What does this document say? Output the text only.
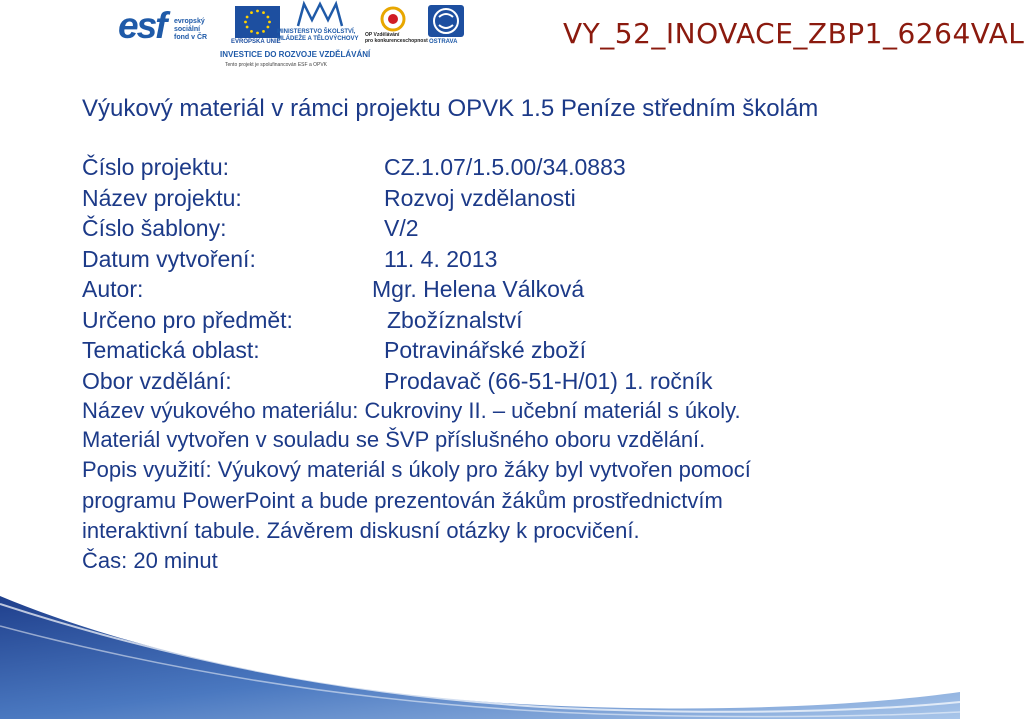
esf evropský
sociální
fond v ČR
EVROPSKÁ UNIE
MINISTERSTVO ŠKOLSTVÍ,
MLÁDEŽE A TĚLOVÝCHOVY
OP Vzdělávání
pro konkurenceschopnost OSTRAVA
INVESTICE DO ROZVOJE VZDĚLÁVÁNÍ
Tento projekt je spolufinancován ESF a OPVK
VY_52_INOVACE_ZBP1_6264VAL
Výukový materiál v rámci projektu OPVK 1.5 Peníze středním školám
Číslo projektu:	CZ.1.07/1.5.00/34.0883
Název projektu:	Rozvoj vzdělanosti
Číslo šablony:	V/2
Datum vytvoření:	11. 4. 2013
Autor:	Mgr. Helena Válková
Určeno pro předmět:	Zbožíznalství
Tematická oblast:	Potravinářské zboží
Obor vzdělání:	Prodavač (66-51-H/01) 1. ročník
Název výukového materiálu: Cukroviny II. – učební materiál s úkoly.
Materiál vytvořen v souladu se ŠVP příslušného oboru vzdělání.
Popis využití: Výukový materiál s úkoly pro žáky byl vytvořen pomocí
programu PowerPoint a bude prezentován žákům prostřednictvím
interaktivní tabule. Závěrem diskusní otázky k procvičení.
Čas: 20 minut
